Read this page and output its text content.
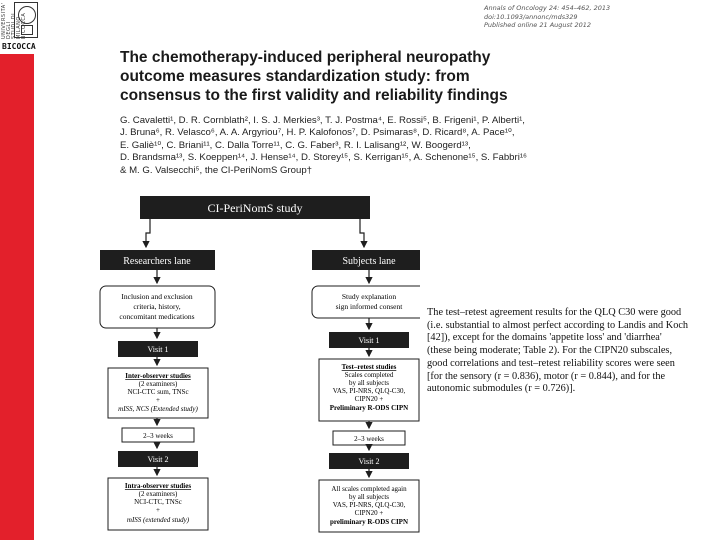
UNIVERSITA' DEGLI STUDI DI MILANO BICOCCA
BICOCCA
Annals of Oncology 24: 454–462, 2013
doi:10.1093/annonc/mds329
Published online 21 August 2012
The chemotherapy-induced peripheral neuropathy
outcome measures standardization study: from
consensus to the first validity and reliability findings
G. Cavaletti¹, D. R. Cornblath², I. S. J. Merkies³, T. J. Postma⁴, E. Rossi⁵, B. Frigeni¹, P. Alberti¹,
J. Bruna⁶, R. Velasco⁶, A. A. Argyriou⁷, H. P. Kalofonos⁷, D. Psimaras⁸, D. Ricard⁸, A. Pace¹⁰,
E. Galiè¹⁰, C. Briani¹¹, C. Dalla Torre¹¹, C. G. Faber³, R. I. Lalisang¹², W. Boogerd¹³,
D. Brandsma¹³, S. Koeppen¹⁴, J. Hense¹⁴, D. Storey¹⁵, S. Kerrigan¹⁵, A. Schenone¹⁵, S. Fabbri¹⁶
& M. G. Valsecchi⁵, the CI-PeriNomS Group†
CI-PeriNomS study
Researchers lane	Subjects lane
Inclusion and exclusion
criteria, history,
concomitant medications
Visit 1
Inter-observer studies
(2 examiners)
NCI-CTC sum, TNSc
+
mISS, NCS (Extended study)
2–3 weeks
Visit 2
Intra-observer studies
(2 examiners)
NCI-CTC, TNSc
+
mISS (extended study)
Study explanation
sign informed consent
Visit 1
Test–retest studies
Scales completed
by all subjects
VAS, PI-NRS, QLQ-C30,
CIPN20 +
Preliminary R-ODS CIPN
2–3 weeks
Visit 2
All scales completed again
by all subjects
VAS, PI-NRS, QLQ-C30,
CIPN20 +
preliminary R-ODS CIPN
The test–retest agreement results for the QLQ C30 were good
(i.e. substantial to almost perfect according to Landis and Koch
[42]), except for the domains 'appetite loss' and 'diarrhea'
(these being moderate; Table 2). For the CIPN20 subscales,
good correlations and test–retest reliability scores were seen
[for the sensory (r = 0.836), motor (r = 0.844), and for the
autonomic submodules (r = 0.726)].
